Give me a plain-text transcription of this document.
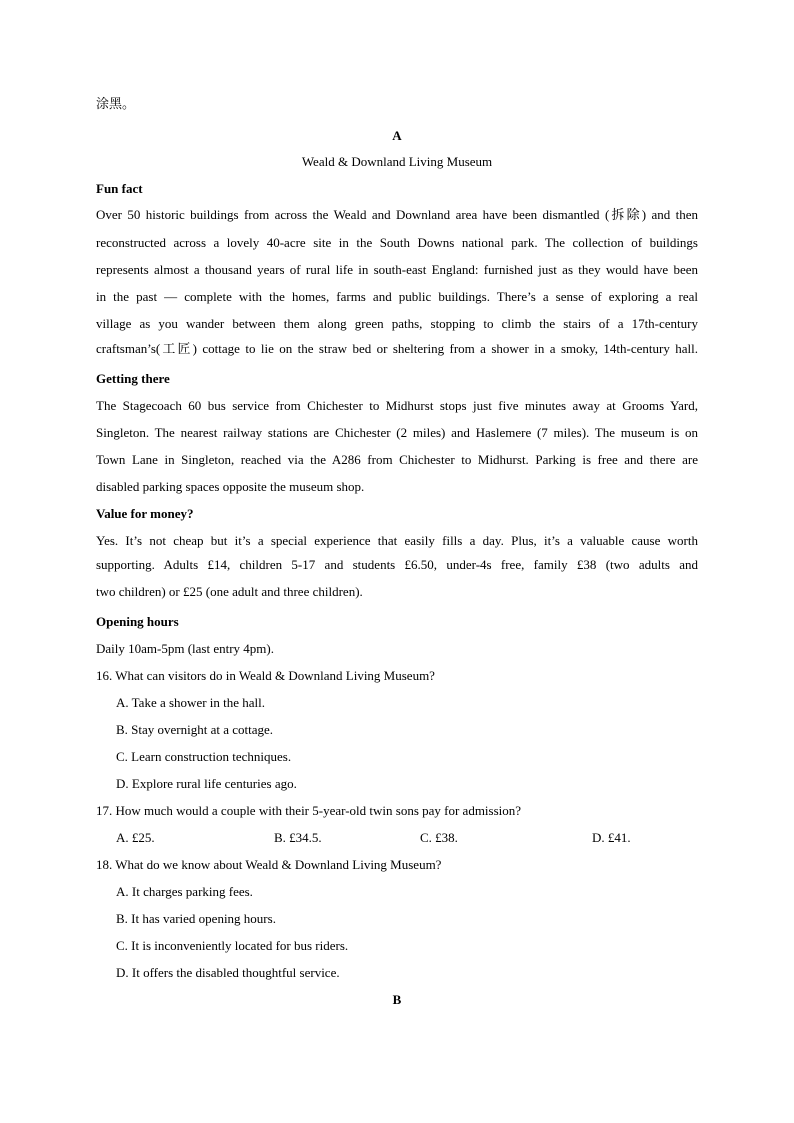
涂黑。
A
Weald & Downland Living Museum
Fun fact
Over 50 historic buildings from across the Weald and Downland area have been dismantled (拆除) and then
reconstructed across a lovely 40-acre site in the South Downs national park. The collection of buildings
represents almost a thousand years of rural life in south-east England: furnished just as they would have been
in the past — complete with the homes, farms and public buildings. There’s a sense of exploring a real
village as you wander between them along green paths, stopping to climb the stairs of a 17th-century
craftsman’s(工匠) cottage to lie on the straw bed or sheltering from a shower in a smoky, 14th-century hall.
Getting there
The Stagecoach 60 bus service from Chichester to Midhurst stops just five minutes away at Grooms Yard,
Singleton. The nearest railway stations are Chichester (2 miles) and Haslemere (7 miles). The museum is on
Town Lane in Singleton, reached via the A286 from Chichester to Midhurst. Parking is free and there are
disabled parking spaces opposite the museum shop.
Value for money?
Yes. It’s not cheap but it’s a special experience that easily fills a day. Plus, it’s a valuable cause worth
supporting. Adults £14, children 5-17 and students £6.50, under-4s free, family £38 (two adults and
two children) or £25 (one adult and three children).
Opening hours
Daily 10am-5pm (last entry 4pm).
16. What can visitors do in Weald & Downland Living Museum?
A. Take a shower in the hall.
B. Stay overnight at a cottage.
C. Learn construction techniques.
D. Explore rural life centuries ago.
17. How much would a couple with their 5-year-old twin sons pay for admission?
A. £25.	B. £34.5.	C. £38.	D. £41.
18. What do we know about Weald & Downland Living Museum?
A. It charges parking fees.
B. It has varied opening hours.
C. It is inconveniently located for bus riders.
D. It offers the disabled thoughtful service.
B
